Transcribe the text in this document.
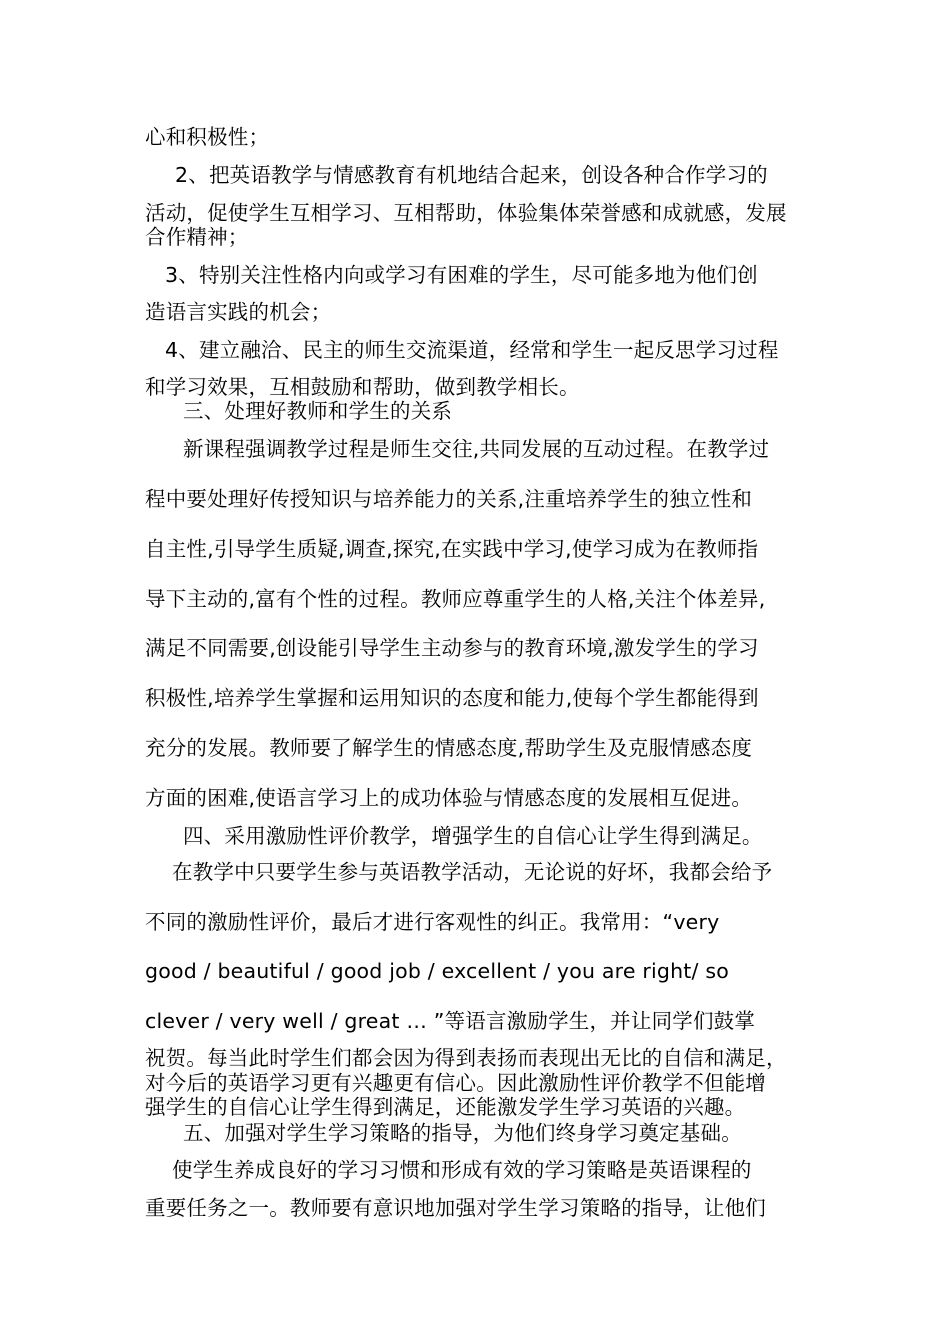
心和积极性；
2、把英语教学与情感教育有机地结合起来，创设各种合作学习的
活动，促使学生互相学习、互相帮助，体验集体荣誉感和成就感，发展
合作精神；
3、特别关注性格内向或学习有困难的学生，尽可能多地为他们创
造语言实践的机会；
4、建立融洽、民主的师生交流渠道，经常和学生一起反思学习过程
和学习效果，互相鼓励和帮助，做到教学相长。
三、处理好教师和学生的关系
新课程强调教学过程是师生交往,共同发展的互动过程。在教学过
程中要处理好传授知识与培养能力的关系,注重培养学生的独立性和
自主性,引导学生质疑,调查,探究,在实践中学习,使学习成为在教师指
导下主动的,富有个性的过程。教师应尊重学生的人格,关注个体差异,
满足不同需要,创设能引导学生主动参与的教育环境,激发学生的学习
积极性,培养学生掌握和运用知识的态度和能力,使每个学生都能得到
充分的发展。教师要了解学生的情感态度,帮助学生及克服情感态度
方面的困难,使语言学习上的成功体验与情感态度的发展相互促进。
四、采用激励性评价教学，增强学生的自信心让学生得到满足。
在教学中只要学生参与英语教学活动，无论说的好坏，我都会给予
不同的激励性评价，最后才进行客观性的纠正。我常用：“very
good / beautiful / good job / excellent / you are right/ so
clever / very well / great … ”等语言激励学生，并让同学们鼓掌
祝贺。每当此时学生们都会因为得到表扬而表现出无比的自信和满足，
对今后的英语学习更有兴趣更有信心。因此激励性评价教学不但能增
强学生的自信心让学生得到满足，还能激发学生学习英语的兴趣。
五、加强对学生学习策略的指导，为他们终身学习奠定基础。
使学生养成良好的学习习惯和形成有效的学习策略是英语课程的
重要任务之一。教师要有意识地加强对学生学习策略的指导，让他们
